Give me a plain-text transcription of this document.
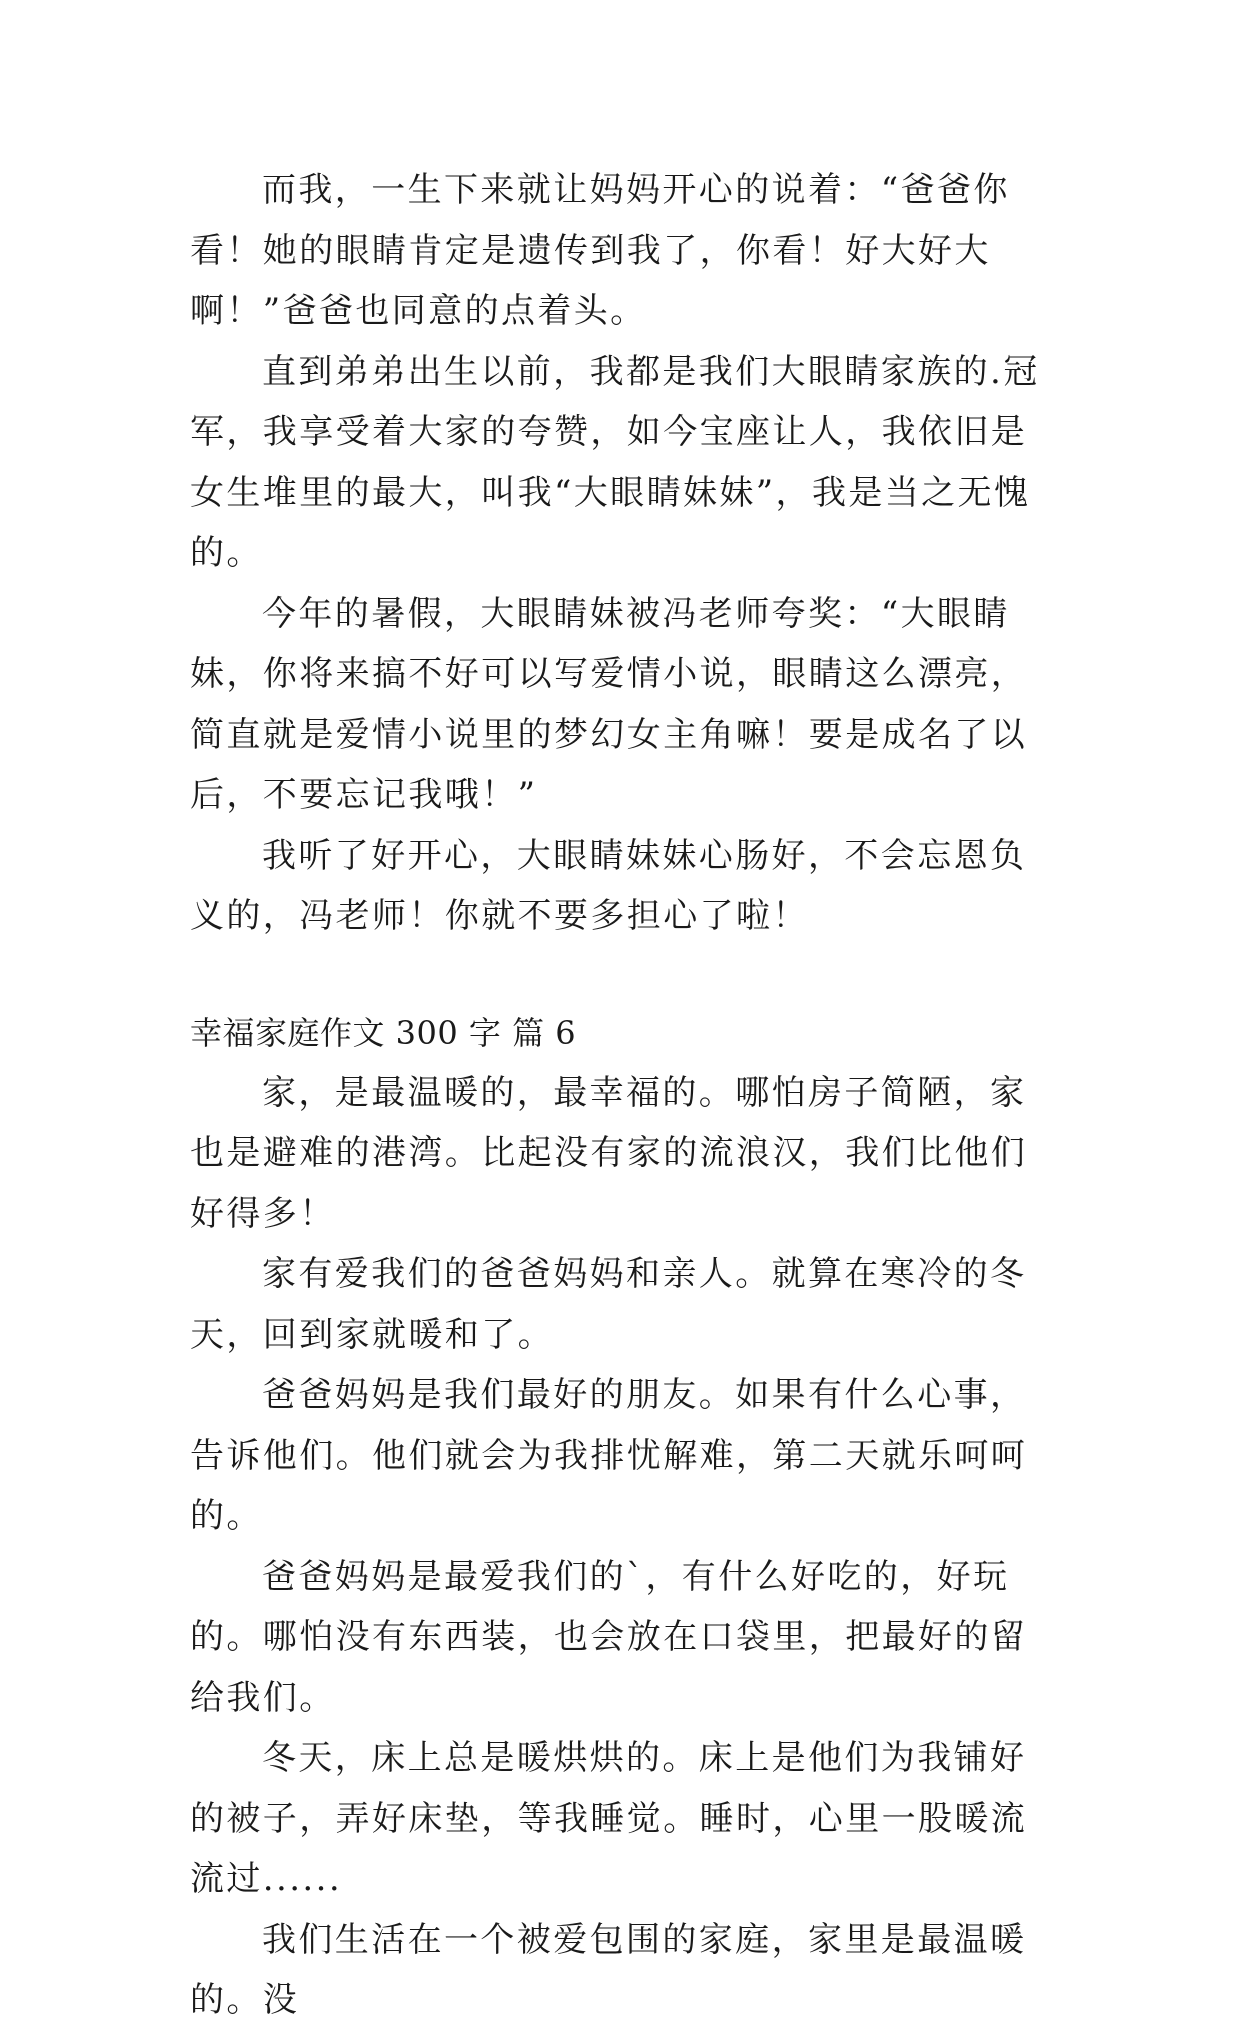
而我，一生下来就让妈妈开心的说着：“爸爸你看！她的眼睛肯定是遗传到我了，你看！好大好大啊！”爸爸也同意的点着头。

直到弟弟出生以前，我都是我们大眼睛家族的.冠军，我享受着大家的夸赞，如今宝座让人，我依旧是女生堆里的最大，叫我“大眼睛妹妹”，我是当之无愧的。

今年的暑假，大眼睛妹被冯老师夸奖：“大眼睛妹，你将来搞不好可以写爱情小说，眼睛这么漂亮，简直就是爱情小说里的梦幻女主角嘛！要是成名了以后，不要忘记我哦！”

我听了好开心，大眼睛妹妹心肠好，不会忘恩负义的，冯老师！你就不要多担心了啦！

幸福家庭作文 300 字 篇 6

家，是最温暖的，最幸福的。哪怕房子简陋，家也是避难的港湾。比起没有家的流浪汉，我们比他们好得多！

家有爱我们的爸爸妈妈和亲人。就算在寒冷的冬天，回到家就暖和了。

爸爸妈妈是我们最好的朋友。如果有什么心事，告诉他们。他们就会为我排忧解难，第二天就乐呵呵的。

爸爸妈妈是最爱我们的`，有什么好吃的，好玩的。哪怕没有东西装，也会放在口袋里，把最好的留给我们。

冬天，床上总是暖烘烘的。床上是他们为我铺好的被子，弄好床垫，等我睡觉。睡时，心里一股暖流流过......

我们生活在一个被爱包围的家庭，家里是最温暖的。没
